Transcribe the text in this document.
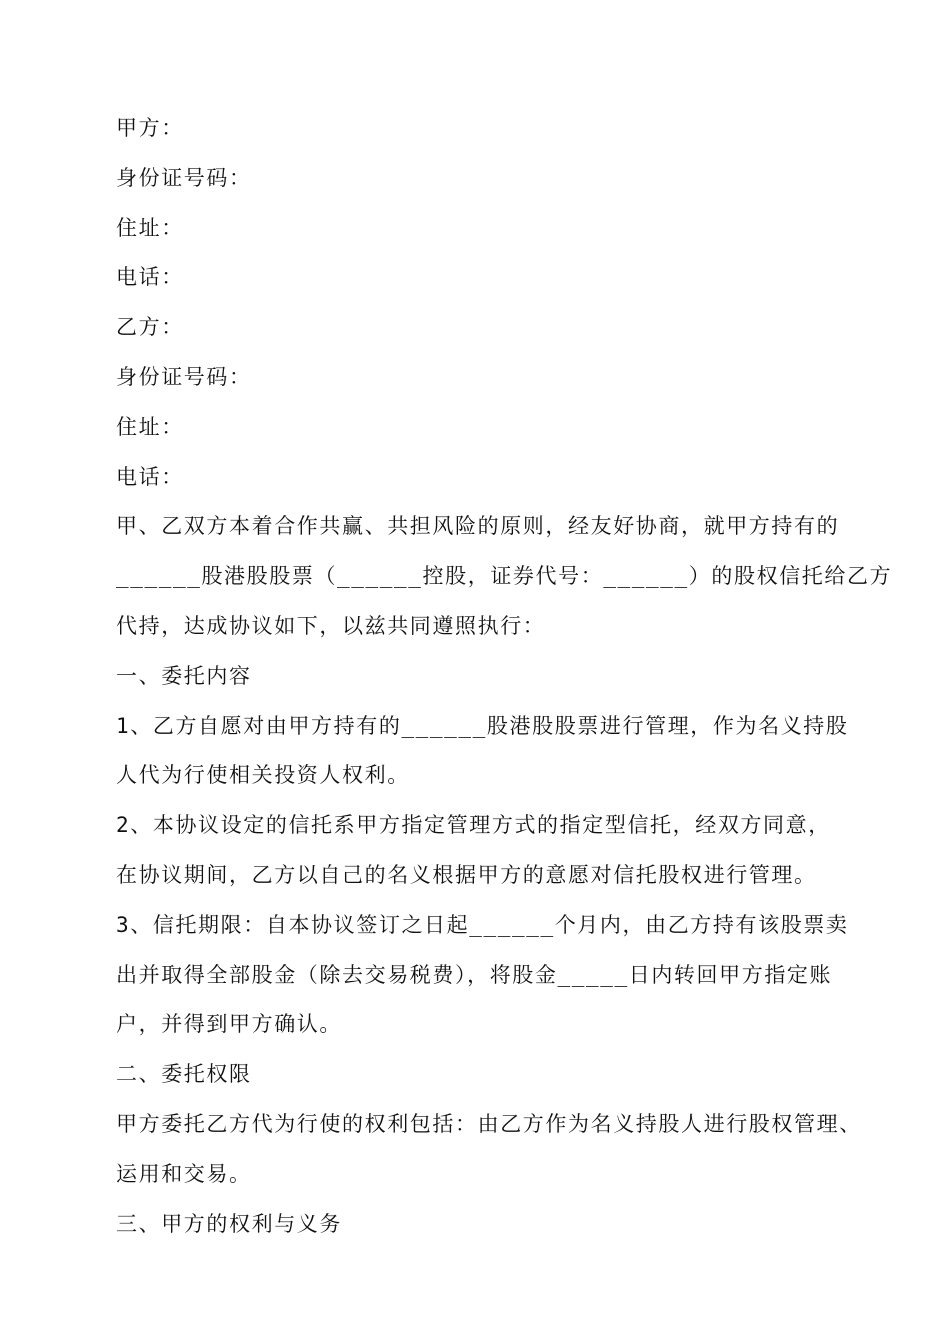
甲方：
身份证号码：
住址：
电话：
乙方：
身份证号码：
住址：
电话：
甲、乙双方本着合作共赢、共担风险的原则，经友好协商，就甲方持有的
______股港股股票（______控股，证券代号：______）的股权信托给乙方
代持，达成协议如下，以兹共同遵照执行：
一、委托内容
1、乙方自愿对由甲方持有的______股港股股票进行管理，作为名义持股
人代为行使相关投资人权利。
2、本协议设定的信托系甲方指定管理方式的指定型信托，经双方同意，
在协议期间，乙方以自己的名义根据甲方的意愿对信托股权进行管理。
3、信托期限：自本协议签订之日起______个月内，由乙方持有该股票卖
出并取得全部股金（除去交易税费），将股金_____日内转回甲方指定账
户，并得到甲方确认。
二、委托权限
甲方委托乙方代为行使的权利包括：由乙方作为名义持股人进行股权管理、
运用和交易。
三、甲方的权利与义务
